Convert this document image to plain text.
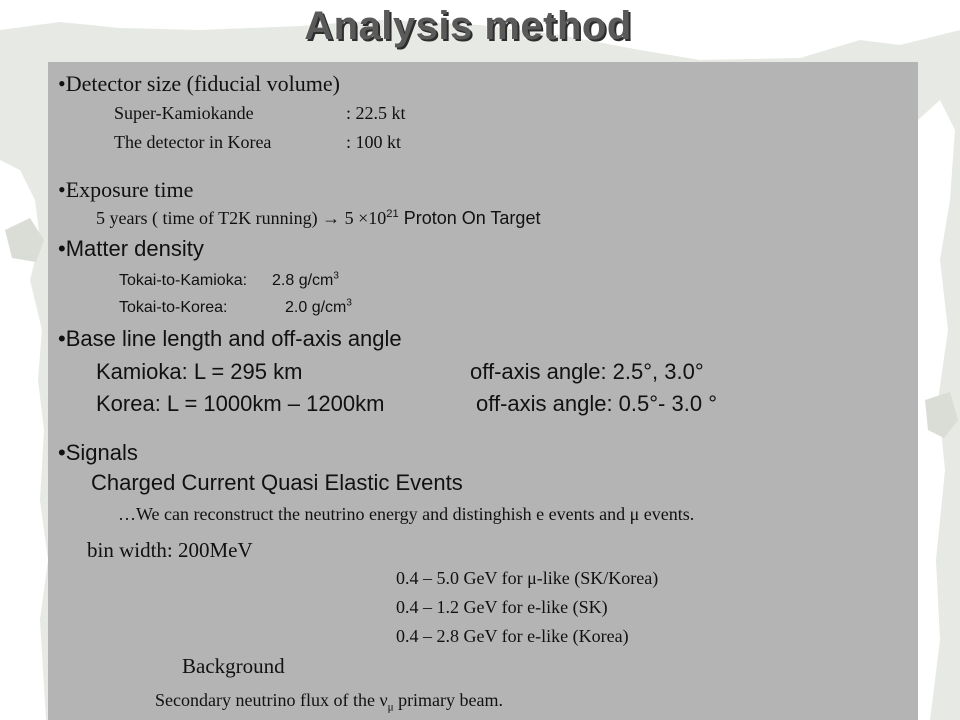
Analysis method
•Detector size (fiducial volume)
Super-Kamiokande	: 22.5 kt
The detector in Korea	: 100 kt
•Exposure time
5 years ( time of T2K running) → $5 \times 10^{21}$ Proton On Target
•Matter density
Tokai-to-Kamioka: 2.8 $g/cm^3$
Tokai-to-Korea:	2.0 $g/cm^3$
•Base line length and off-axis angle
Kamioka: L = 295 km	off-axis angle: 2.5°, 3.0°
Korea: L = 1000km – 1200km	off-axis angle: 0.5°- 3.0 °
•Signals
Charged Current Quasi Elastic Events
…We can reconstruct the neutrino energy and distinghish e events and μ events.
bin width: 200MeV
0.4 – 5.0 GeV for μ-like (SK/Korea)
0.4 – 1.2 GeV for e-like (SK)
0.4 – 2.8 GeV for e-like (Korea)
Background
Secondary neutrino flux of the $\nu_\mu$ primary beam.
